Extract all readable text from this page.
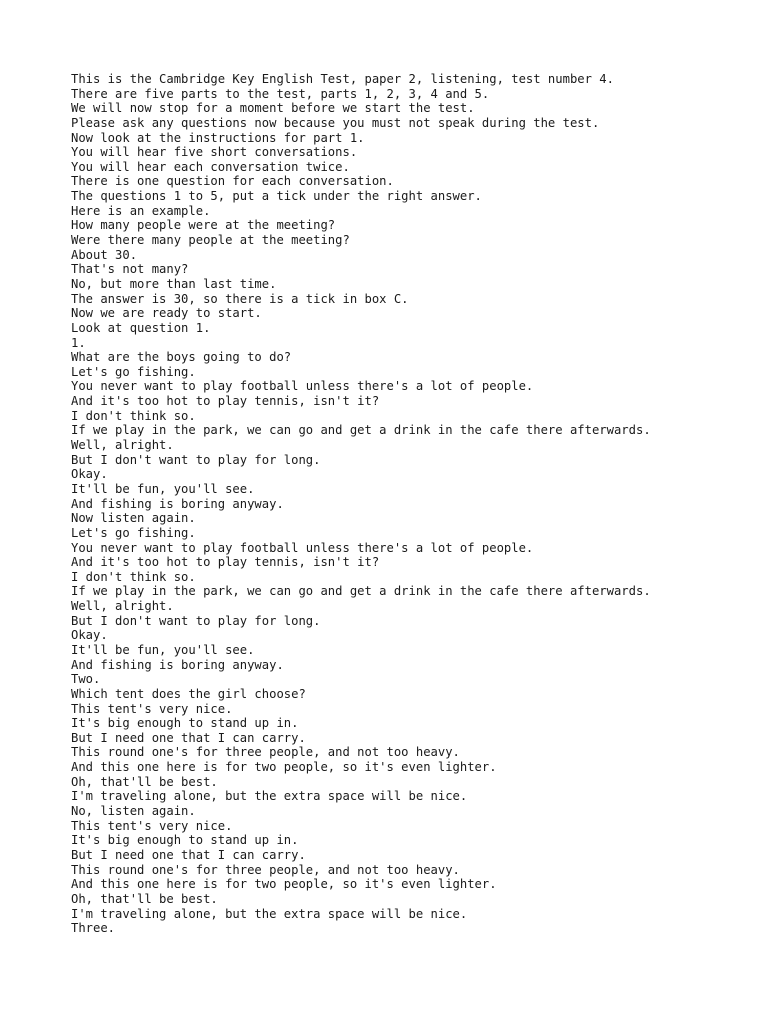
This is the Cambridge Key English Test, paper 2, listening, test number 4.
There are five parts to the test, parts 1, 2, 3, 4 and 5.
We will now stop for a moment before we start the test.
Please ask any questions now because you must not speak during the test.
Now look at the instructions for part 1.
You will hear five short conversations.
You will hear each conversation twice.
There is one question for each conversation.
The questions 1 to 5, put a tick under the right answer.
Here is an example.
How many people were at the meeting?
Were there many people at the meeting?
About 30.
That's not many?
No, but more than last time.
The answer is 30, so there is a tick in box C.
Now we are ready to start.
Look at question 1.
1.
What are the boys going to do?
Let's go fishing.
You never want to play football unless there's a lot of people.
And it's too hot to play tennis, isn't it?
I don't think so.
If we play in the park, we can go and get a drink in the cafe there afterwards.
Well, alright.
But I don't want to play for long.
Okay.
It'll be fun, you'll see.
And fishing is boring anyway.
Now listen again.
Let's go fishing.
You never want to play football unless there's a lot of people.
And it's too hot to play tennis, isn't it?
I don't think so.
If we play in the park, we can go and get a drink in the cafe there afterwards.
Well, alright.
But I don't want to play for long.
Okay.
It'll be fun, you'll see.
And fishing is boring anyway.
Two.
Which tent does the girl choose?
This tent's very nice.
It's big enough to stand up in.
But I need one that I can carry.
This round one's for three people, and not too heavy.
And this one here is for two people, so it's even lighter.
Oh, that'll be best.
I'm traveling alone, but the extra space will be nice.
No, listen again.
This tent's very nice.
It's big enough to stand up in.
But I need one that I can carry.
This round one's for three people, and not too heavy.
And this one here is for two people, so it's even lighter.
Oh, that'll be best.
I'm traveling alone, but the extra space will be nice.
Three.
